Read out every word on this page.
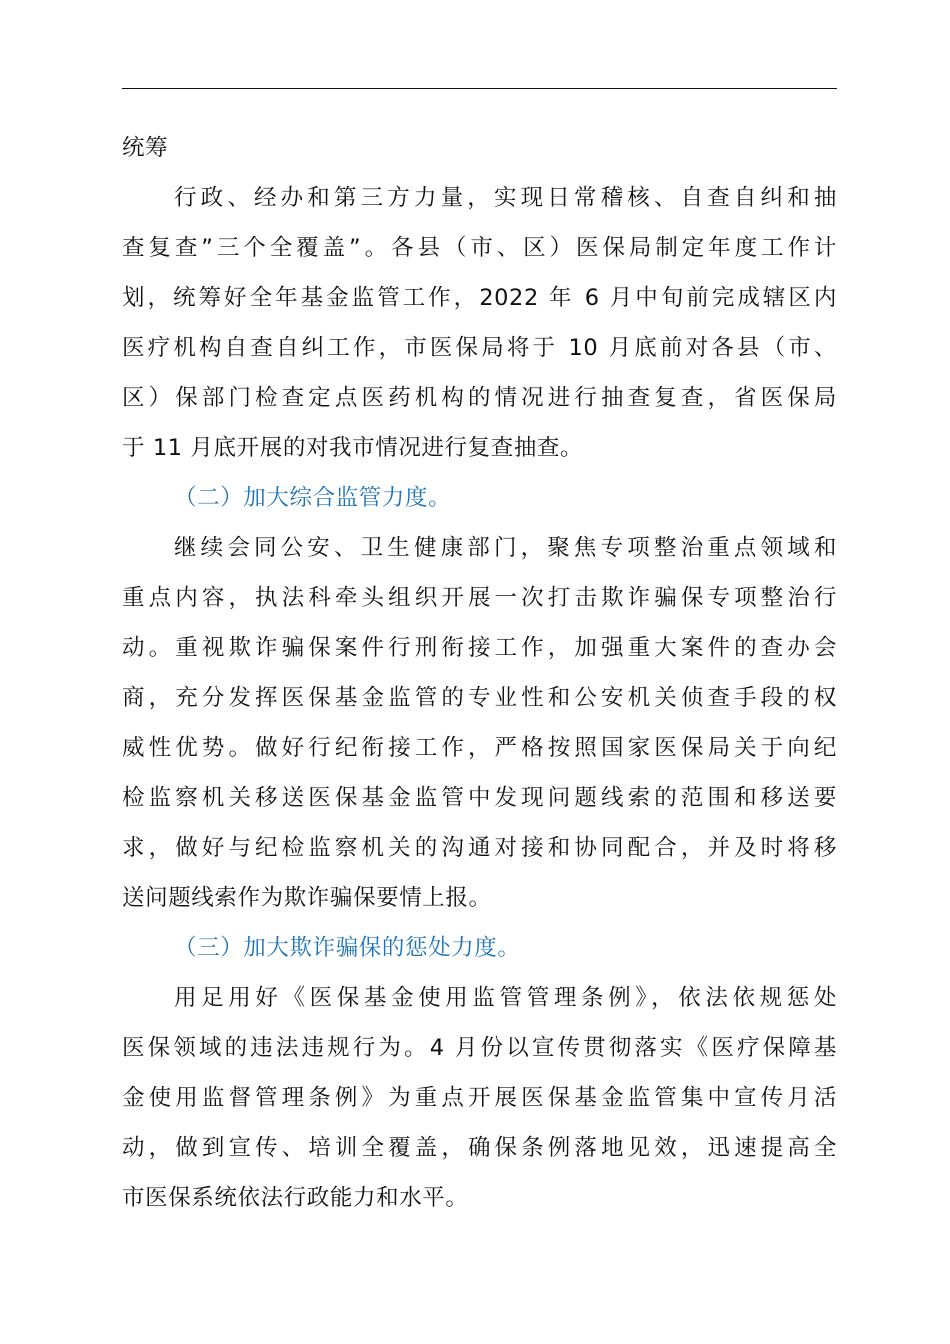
统筹
行政、经办和第三方力量，实现日常稽核、自查自纠和抽
查复查”三个全覆盖”。各县（市、区）医保局制定年度工作计
划，统筹好全年基金监管工作，2022 年 6 月中旬前完成辖区内
医疗机构自查自纠工作，市医保局将于 10 月底前对各县（市、
区）保部门检查定点医药机构的情况进行抽查复查，省医保局
于 11 月底开展的对我市情况进行复查抽查。
（二）加大综合监管力度。
继续会同公安、卫生健康部门，聚焦专项整治重点领域和
重点内容，执法科牵头组织开展一次打击欺诈骗保专项整治行
动。重视欺诈骗保案件行刑衔接工作，加强重大案件的查办会
商，充分发挥医保基金监管的专业性和公安机关侦查手段的权
威性优势。做好行纪衔接工作，严格按照国家医保局关于向纪
检监察机关移送医保基金监管中发现问题线索的范围和移送要
求，做好与纪检监察机关的沟通对接和协同配合，并及时将移
送问题线索作为欺诈骗保要情上报。
（三）加大欺诈骗保的惩处力度。
用足用好《医保基金使用监管管理条例》，依法依规惩处
医保领域的违法违规行为。4 月份以宣传贯彻落实《医疗保障基
金使用监督管理条例》为重点开展医保基金监管集中宣传月活
动，做到宣传、培训全覆盖，确保条例落地见效，迅速提高全
市医保系统依法行政能力和水平。
